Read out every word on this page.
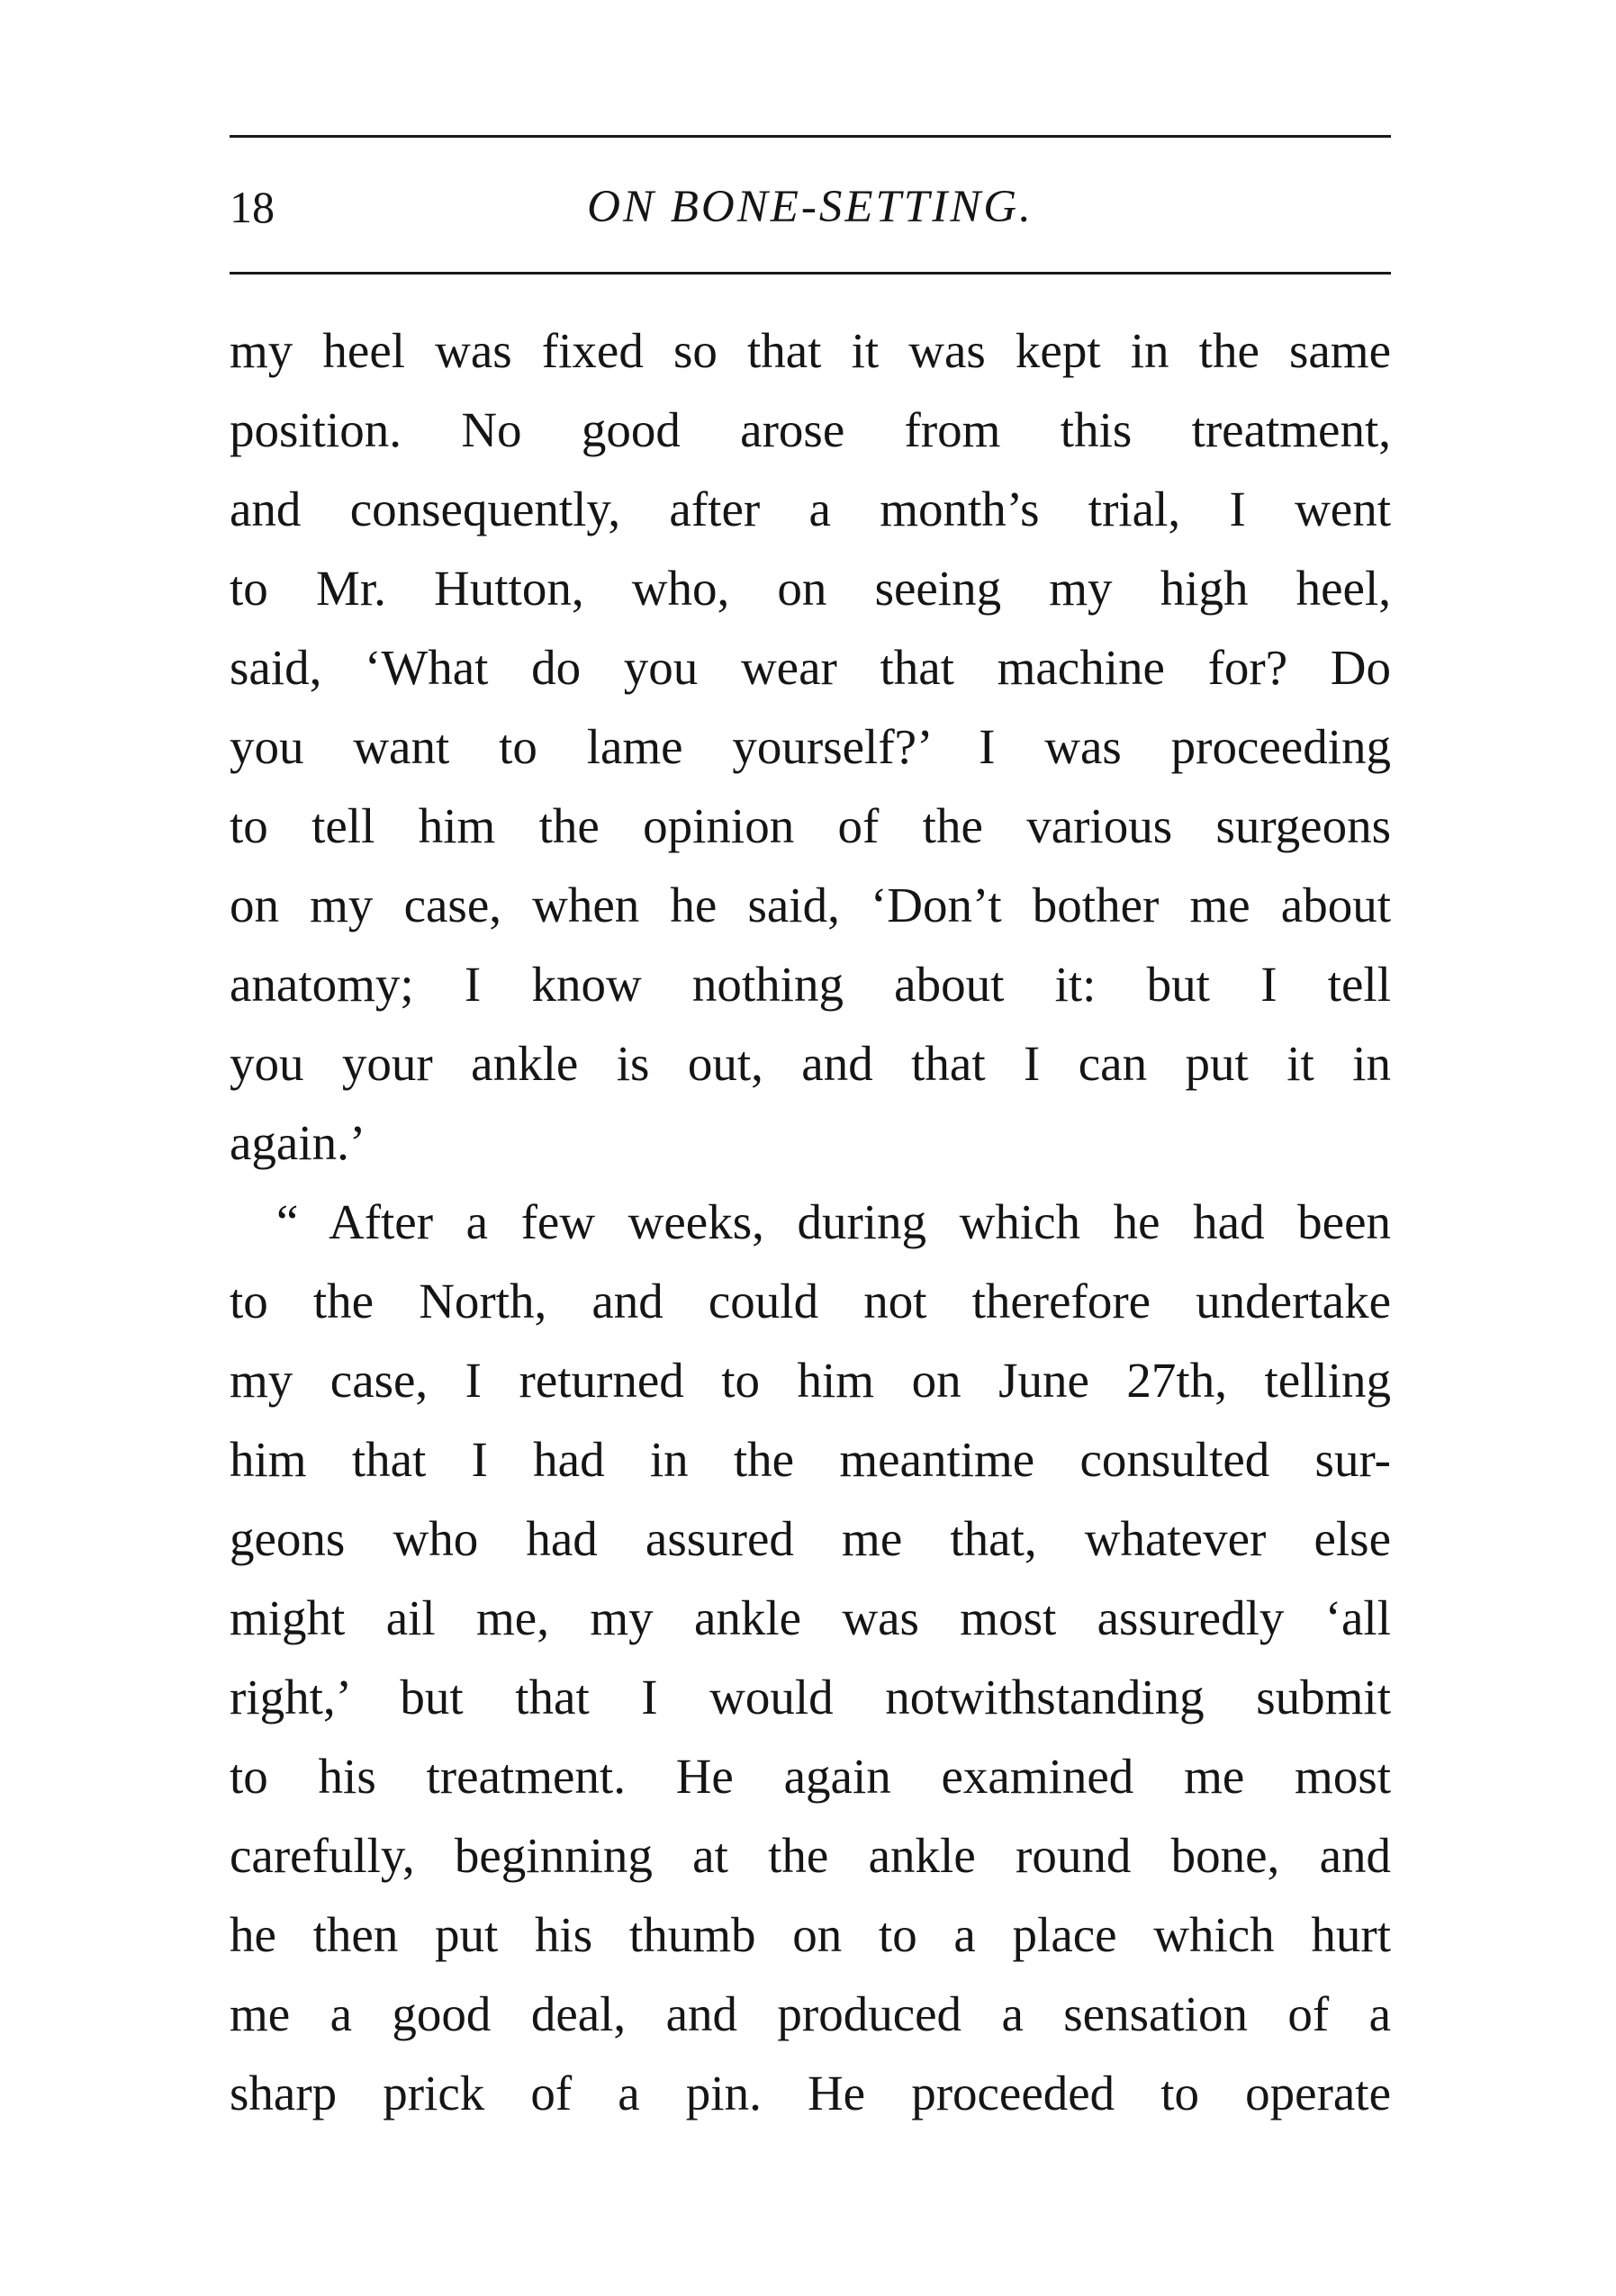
18	ON BONE-SETTING.
my heel was fixed so that it was kept in the same
position. No good arose from this treatment,
and consequently, after a month’s trial, I went
to Mr. Hutton, who, on seeing my high heel,
said, ‘What do you wear that machine for? Do
you want to lame yourself?’ I was proceeding
to tell him the opinion of the various surgeons
on my case, when he said, ‘Don’t bother me about
anatomy; I know nothing about it: but I tell
you your ankle is out, and that I can put it in
again.’
“ After a few weeks, during which he had been
to the North, and could not therefore undertake
my case, I returned to him on June 27th, telling
him that I had in the meantime consulted sur-
geons who had assured me that, whatever else
might ail me, my ankle was most assuredly ‘all
right,’ but that I would notwithstanding submit
to his treatment. He again examined me most
carefully, beginning at the ankle round bone, and
he then put his thumb on to a place which hurt
me a good deal, and produced a sensation of a
sharp prick of a pin. He proceeded to operate
